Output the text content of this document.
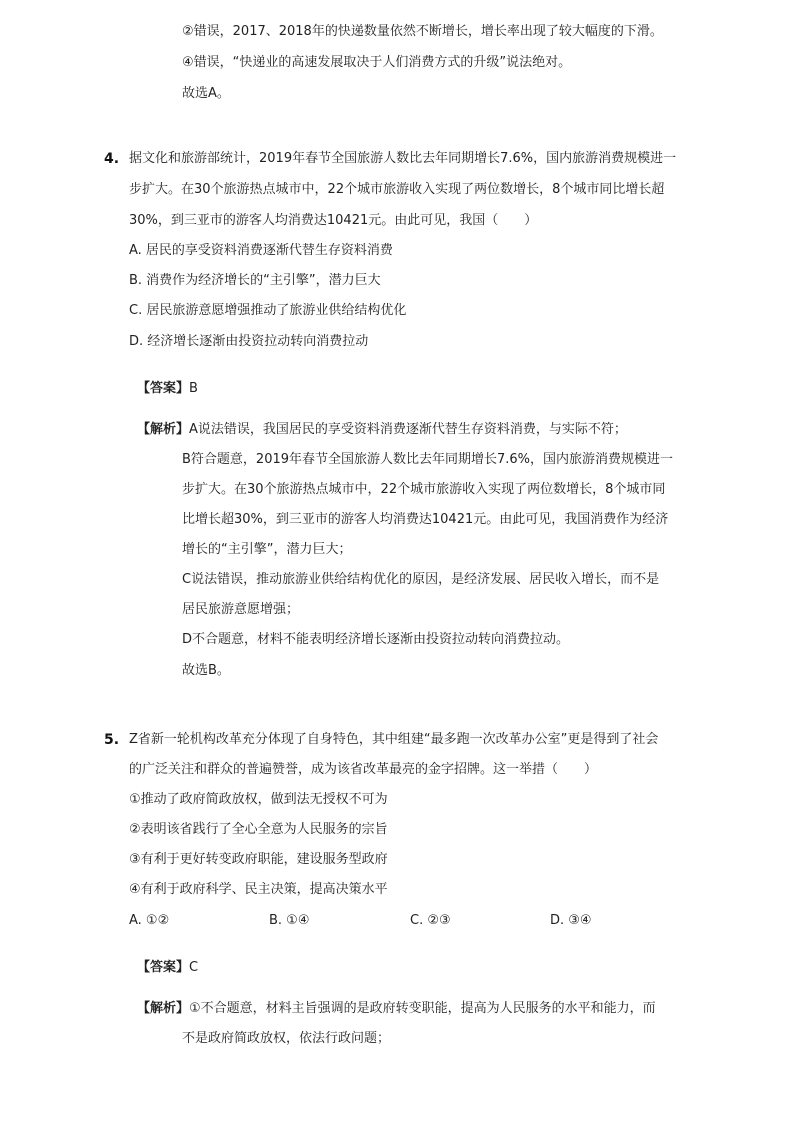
②错误，2017、2018年的快递数量依然不断增长，增长率出现了较大幅度的下滑。
④错误，“快递业的高速发展取决于人们消费方式的升级”说法绝对。
故选A。
4. 据文化和旅游部统计，2019年春节全国旅游人数比去年同期增长7.6%，国内旅游消费规模进一
步扩大。在30个旅游热点城市中，22个城市旅游收入实现了两位数增长，8个城市同比增长超
30%，到三亚市的游客人均消费达10421元。由此可见，我国（　　）
A. 居民的享受资料消费逐渐代替生存资料消费
B. 消费作为经济增长的“主引擎”，潜力巨大
C. 居民旅游意愿增强推动了旅游业供给结构优化
D. 经济增长逐渐由投资拉动转向消费拉动
【答案】B
【解析】A说法错误，我国居民的享受资料消费逐渐代替生存资料消费，与实际不符；
B符合题意，2019年春节全国旅游人数比去年同期增长7.6%，国内旅游消费规模进一
步扩大。在30个旅游热点城市中，22个城市旅游收入实现了两位数增长，8个城市同
比增长超30%，到三亚市的游客人均消费达10421元。由此可见，我国消费作为经济
增长的“主引擎”，潜力巨大；
C说法错误，推动旅游业供给结构优化的原因，是经济发展、居民收入增长，而不是
居民旅游意愿增强；
D不合题意，材料不能表明经济增长逐渐由投资拉动转向消费拉动。
故选B。
5. Z省新一轮机构改革充分体现了自身特色，其中组建“最多跑一次改革办公室”更是得到了社会
的广泛关注和群众的普遍赞誉，成为该省改革最亮的金字招牌。这一举措（　　）
①推动了政府简政放权，做到法无授权不可为
②表明该省践行了全心全意为人民服务的宗旨
③有利于更好转变政府职能，建设服务型政府
④有利于政府科学、民主决策，提高决策水平
A. ①②	B. ①④	C. ②③	D. ③④
【答案】C
【解析】①不合题意，材料主旨强调的是政府转变职能，提高为人民服务的水平和能力，而
不是政府简政放权，依法行政问题；
